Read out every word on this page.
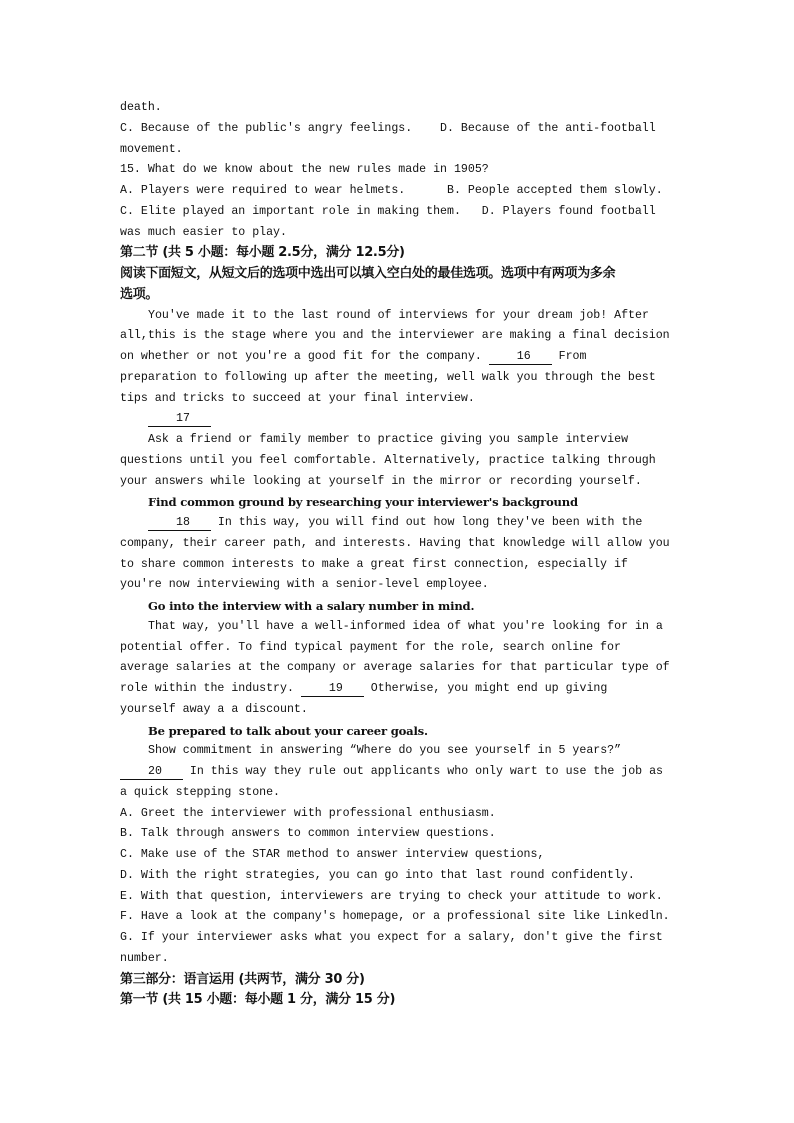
death.
C. Because of the public's angry feelings.    D. Because of the anti-football
movement.
15. What do we know about the new rules made in 1905?
A. Players were required to wear helmets.      B. People accepted them slowly.
C. Elite played an important role in making them.   D. Players found football
was much easier to play.
第二节 (共 5 小题：每小题 2.5分，满分 12.5分)
阅读下面短文，从短文后的选项中选出可以填入空白处的最佳选项。选项中有两项为多余
选项。
You've made it to the last round of interviews for your dream job! After
all,this is the stage where you and the interviewer are making a final decision
on whether or not you're a good fit for the company. 16 From
preparation to following up after the meeting, well walk you through the best
tips and tricks to succeed at your final interview.
17
Ask a friend or family member to practice giving you sample interview
questions until you feel comfortable. Alternatively, practice talking through
your answers while looking at yourself in the mirror or recording yourself.
Find common ground by researching your interviewer's background
18 In this way, you will find out how long they've been with the
company, their career path, and interests. Having that knowledge will allow you
to share common interests to make a great first connection, especially if
you're now interviewing with a senior-level employee.
Go into the interview with a salary number in mind.
That way, you'll have a well-informed idea of what you're looking for in a
potential offer. To find typical payment for the role, search online for
average salaries at the company or average salaries for that particular type of
role within the industry. 19 Otherwise, you might end up giving
yourself away a a discount.
Be prepared to talk about your career goals.
Show commitment in answering “Where do you see yourself in 5 years?”
20 In this way they rule out applicants who only wart to use the job as
a quick stepping stone.
A. Greet the interviewer with professional enthusiasm.
B. Talk through answers to common interview questions.
C. Make use of the STAR method to answer interview questions,
D. With the right strategies, you can go into that last round confidently.
E. With that question, interviewers are trying to check your attitude to work.
F. Have a look at the company's homepage, or a professional site like Linkedln.
G. If your interviewer asks what you expect for a salary, don't give the first
number.
第三部分：语言运用 (共两节，满分 30 分)
第一节 (共 15 小题：每小题 1 分，满分 15 分)
